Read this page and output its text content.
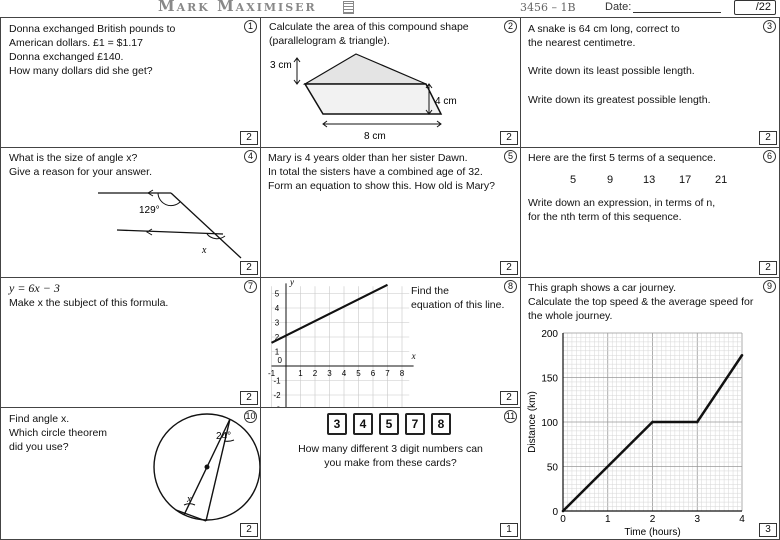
Mark Maximiser	3456 – 1B	Date:	/22
1
Donna exchanged British pounds to
American dollars. £1 = $1.17
Donna exchanged £140.
How many dollars did she get?
2
2
Calculate the area of this compound shape
(parallelogram & triangle).
3 cm
4 cm
8 cm	2
3
A snake is 64 cm long, correct to
the nearest centimetre.
Write down its least possible length.
Write down its greatest possible length.
2
4
What is the size of angle x?
Give a reason for your answer.
129°
x
2
5
Mary is 4 years older than her sister Dawn.
In total the sisters have a combined age of 32.
Form an equation to show this. How old is Mary?
2
6
Here are the first 5 terms of a sequence.
5	9	13 17 21
Write down an expression, in terms of n,
for the nth term of this sequence.
2
7
y = 6x − 3
Make x the subject of this formula.
2
8
Find the
equation of this line.
5
4
3
2
1
-1
-2
-1	1 2 3 4 5 6 7 8
0	x
y
2
9
This graph shows a car journey.
Calculate the top speed & the average speed for
the whole journey.
0
50
100
150
200
0	1	2	3	4
Time (hours)
Distance (km)
3
10
Find angle x.
Which circle theorem
did you use?
24°
x
2
11
3	4	5	7	8
How many different 3 digit numbers can
you make from these cards?
1
